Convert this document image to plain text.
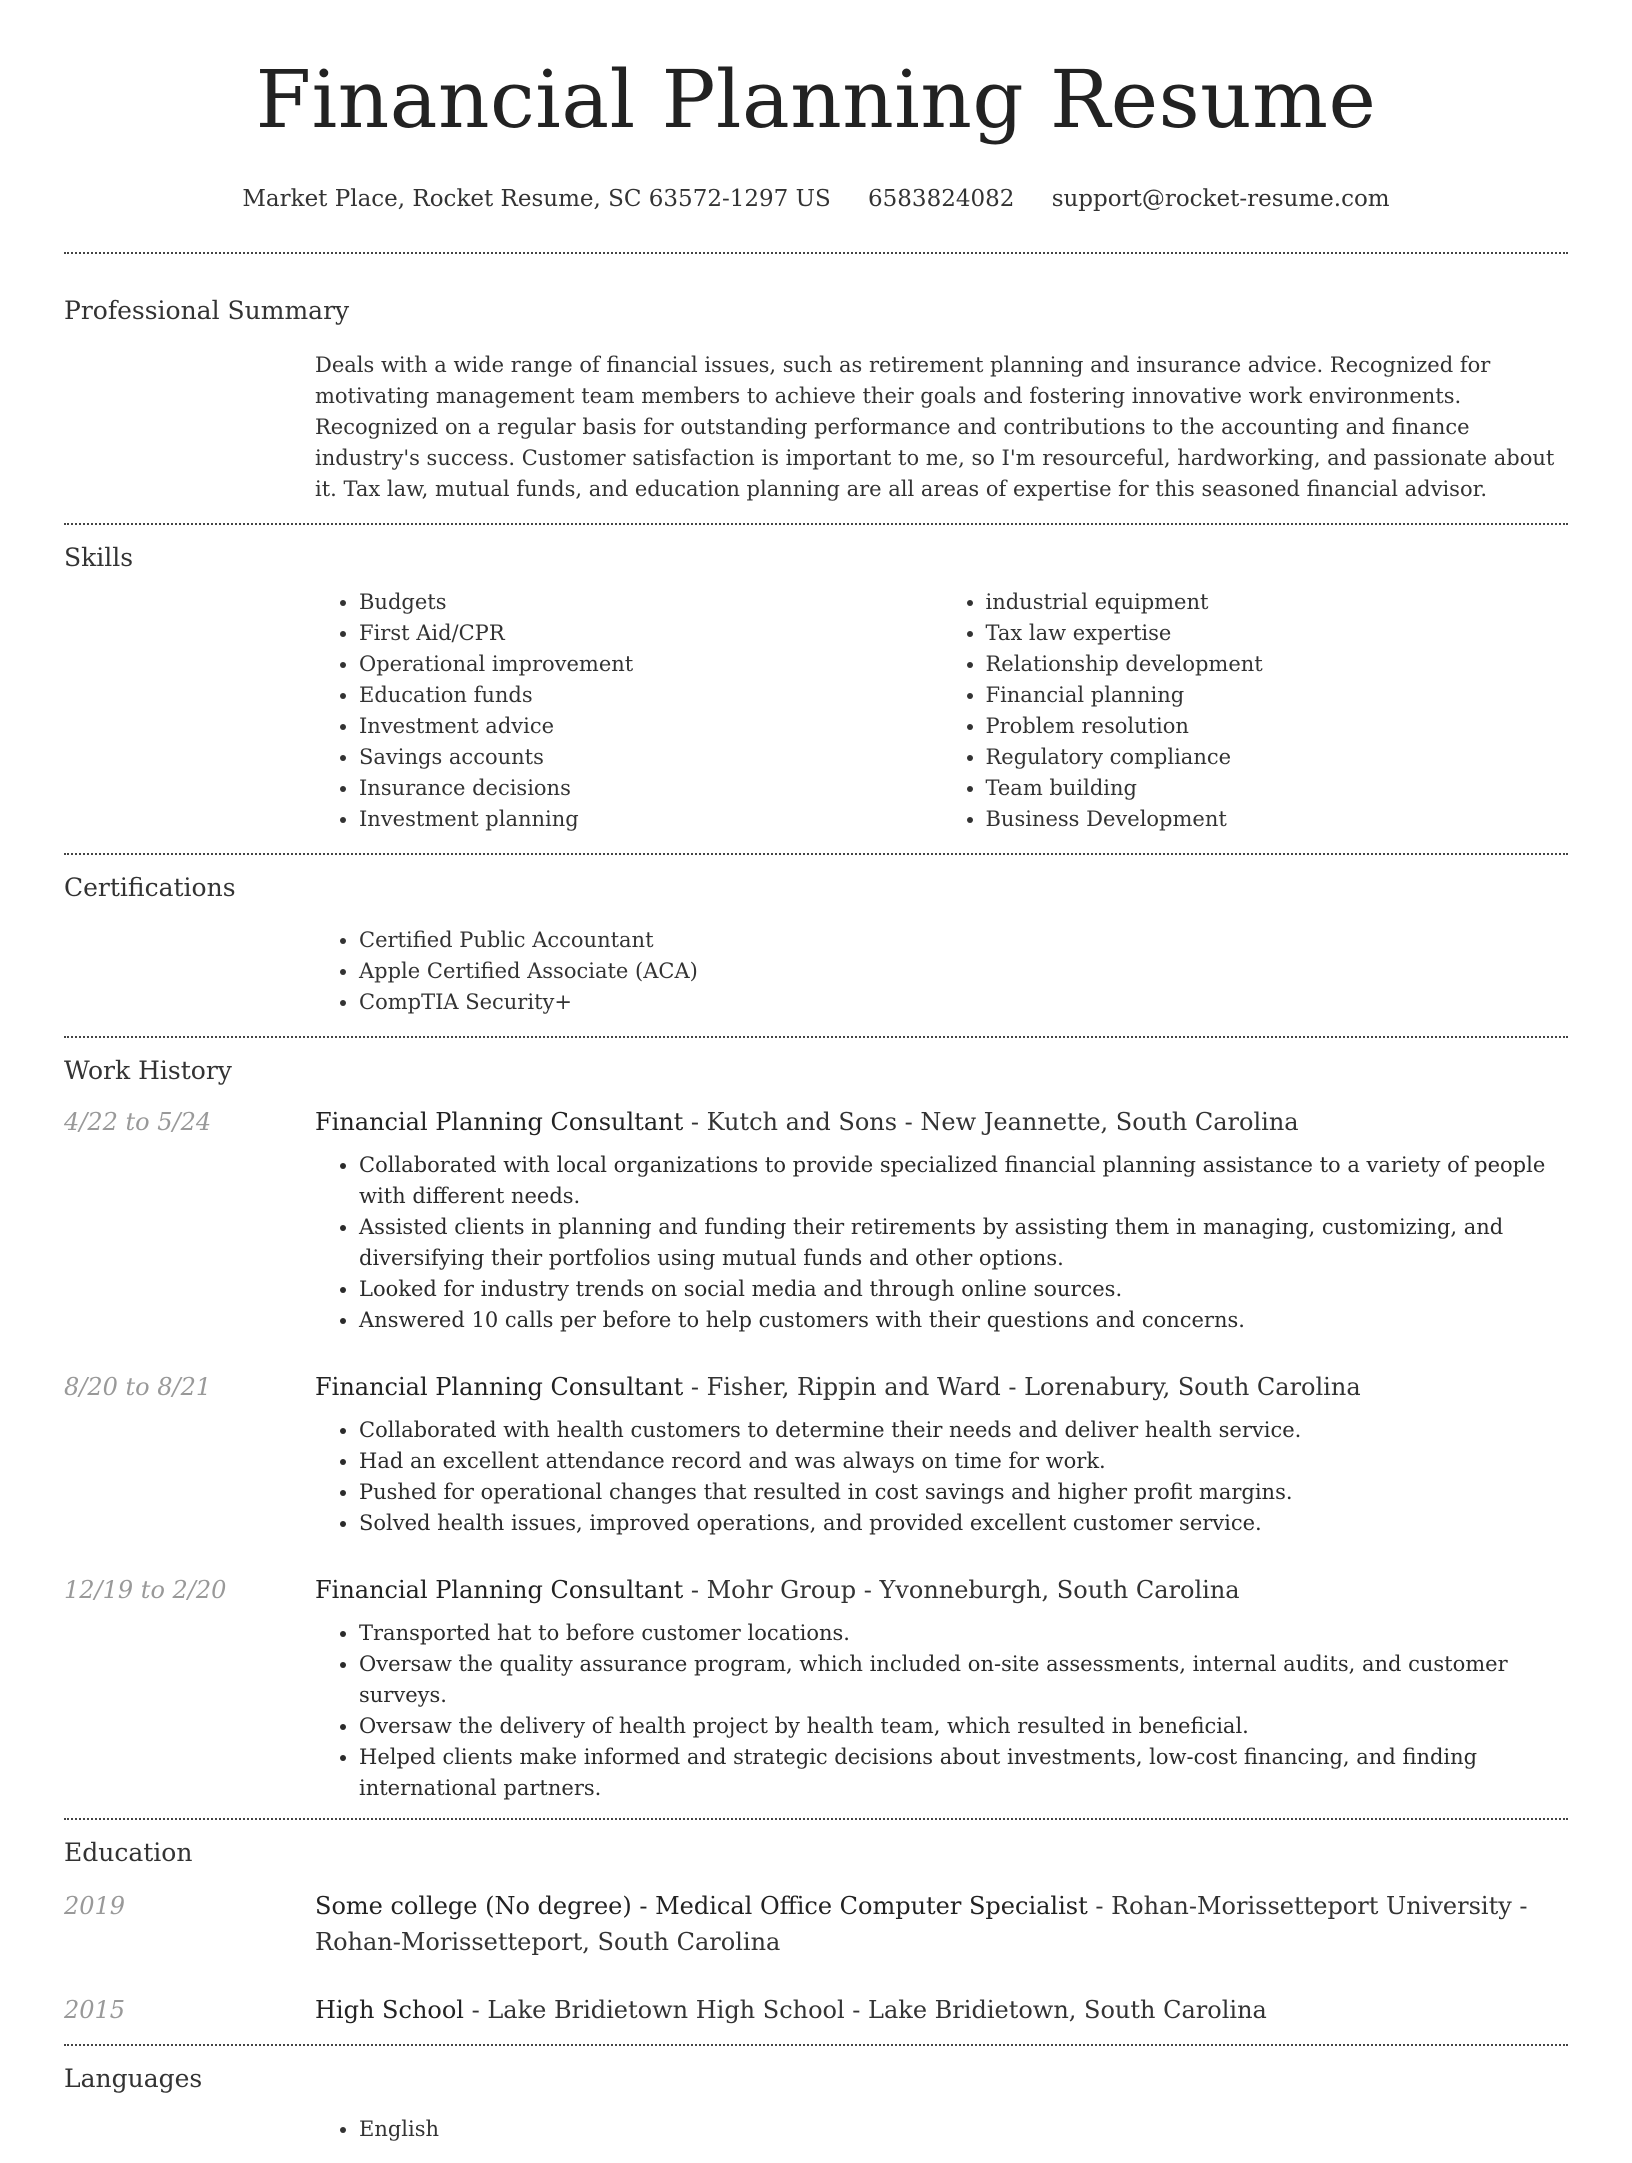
Financial Planning Resume
Market Place, Rocket Resume, SC 63572-1297 US 6583824082 support@rocket-resume.com
Professional Summary
Deals with a wide range of financial issues, such as retirement planning and insurance advice. Recognized for motivating management team members to achieve their goals and fostering innovative work environments. Recognized on a regular basis for outstanding performance and contributions to the accounting and finance industry's success. Customer satisfaction is important to me, so I'm resourceful, hardworking, and passionate about it. Tax law, mutual funds, and education planning are all areas of expertise for this seasoned financial advisor.
Skills
• Budgets
• First Aid/CPR
• Operational improvement
• Education funds
• Investment advice
• Savings accounts
• Insurance decisions
• Investment planning
• industrial equipment
• Tax law expertise
• Relationship development
• Financial planning
• Problem resolution
• Regulatory compliance
• Team building
• Business Development
Certifications
• Certified Public Accountant
• Apple Certified Associate (ACA)
• CompTIA Security+
Work History
4/22 to 5/24	Financial Planning Consultant - Kutch and Sons - New Jeannette, South Carolina
• Collaborated with local organizations to provide specialized financial planning assistance to a variety of people with different needs.
• Assisted clients in planning and funding their retirements by assisting them in managing, customizing, and diversifying their portfolios using mutual funds and other options.
• Looked for industry trends on social media and through online sources.
• Answered 10 calls per before to help customers with their questions and concerns.
8/20 to 8/21	Financial Planning Consultant - Fisher, Rippin and Ward - Lorenabury, South Carolina
• Collaborated with health customers to determine their needs and deliver health service.
• Had an excellent attendance record and was always on time for work.
• Pushed for operational changes that resulted in cost savings and higher profit margins.
• Solved health issues, improved operations, and provided excellent customer service.
12/19 to 2/20	Financial Planning Consultant - Mohr Group - Yvonneburgh, South Carolina
• Transported hat to before customer locations.
• Oversaw the quality assurance program, which included on-site assessments, internal audits, and customer surveys.
• Oversaw the delivery of health project by health team, which resulted in beneficial.
• Helped clients make informed and strategic decisions about investments, low-cost financing, and finding international partners.
Education
2019	Some college (No degree) - Medical Office Computer Specialist - Rohan-Morissetteport University - Rohan-Morissetteport, South Carolina
2015	High School - Lake Bridietown High School - Lake Bridietown, South Carolina
Languages
• English
